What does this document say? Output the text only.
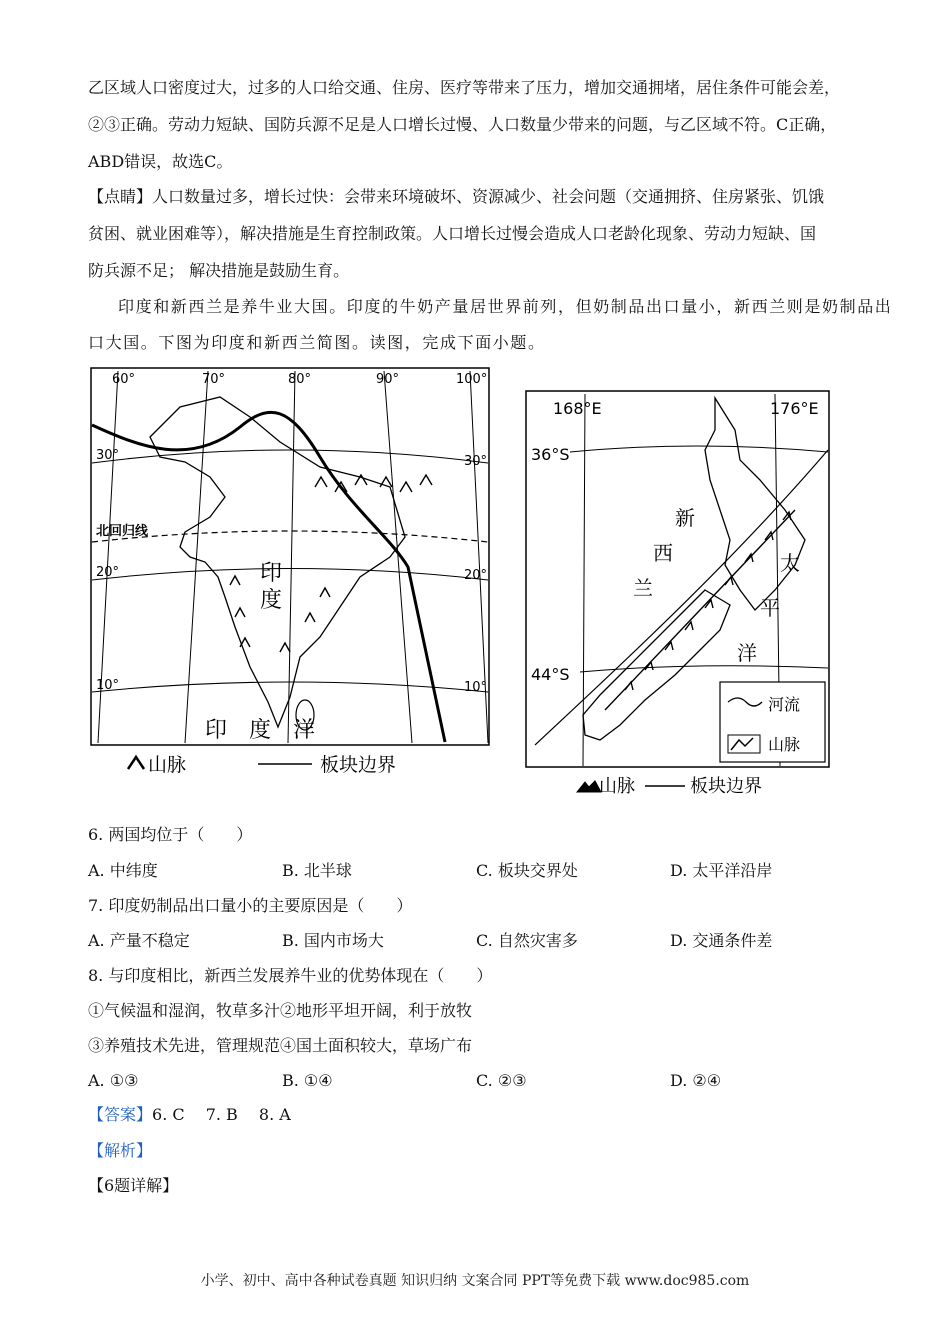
乙区域人口密度过大，过多的人口给交通、住房、医疗等带来了压力，增加交通拥堵，居住条件可能会差，
②③正确。劳动力短缺、国防兵源不足是人口增长过慢、人口数量少带来的问题，与乙区域不符。C正确，
ABD错误，故选C。
【点睛】人口数量过多，增长过快：会带来环境破坏、资源减少、社会问题（交通拥挤、住房紧张、饥饿
贫困、就业困难等），解决措施是生育控制政策。人口增长过慢会造成人口老龄化现象、劳动力短缺、国
防兵源不足； 解决措施是鼓励生育。
印度和新西兰是养牛业大国。印度的牛奶产量居世界前列，但奶制品出口量小，新西兰则是奶制品出
口大国。下图为印度和新西兰简图。读图，完成下面小题。
60°	70°	80°	90°	100°
30°
20°
10°
30°
20°
10°
北回归线
印
度
印　度　洋
山脉	板块边界
河流
山脉
168°E	176°E
36°S
44°S
新
西
兰
太
平
洋
山脉	板块边界
6. 两国均位于（　　）
A. 中纬度	B. 北半球	C. 板块交界处	D. 太平洋沿岸
7. 印度奶制品出口量小的主要原因是（　　）
A. 产量不稳定	B. 国内市场大	C. 自然灾害多	D. 交通条件差
8. 与印度相比，新西兰发展养牛业的优势体现在（　　）
①气候温和湿润，牧草多汁②地形平坦开阔，利于放牧
③养殖技术先进，管理规范④国土面积较大，草场广布
A. ①③	B. ①④	C. ②③	D. ②④
【答案】6. C　 7. B　 8. A
【解析】
【6题详解】
小学、初中、高中各种试卷真题 知识归纳 文案合同 PPT等免费下载 www.doc985.com
